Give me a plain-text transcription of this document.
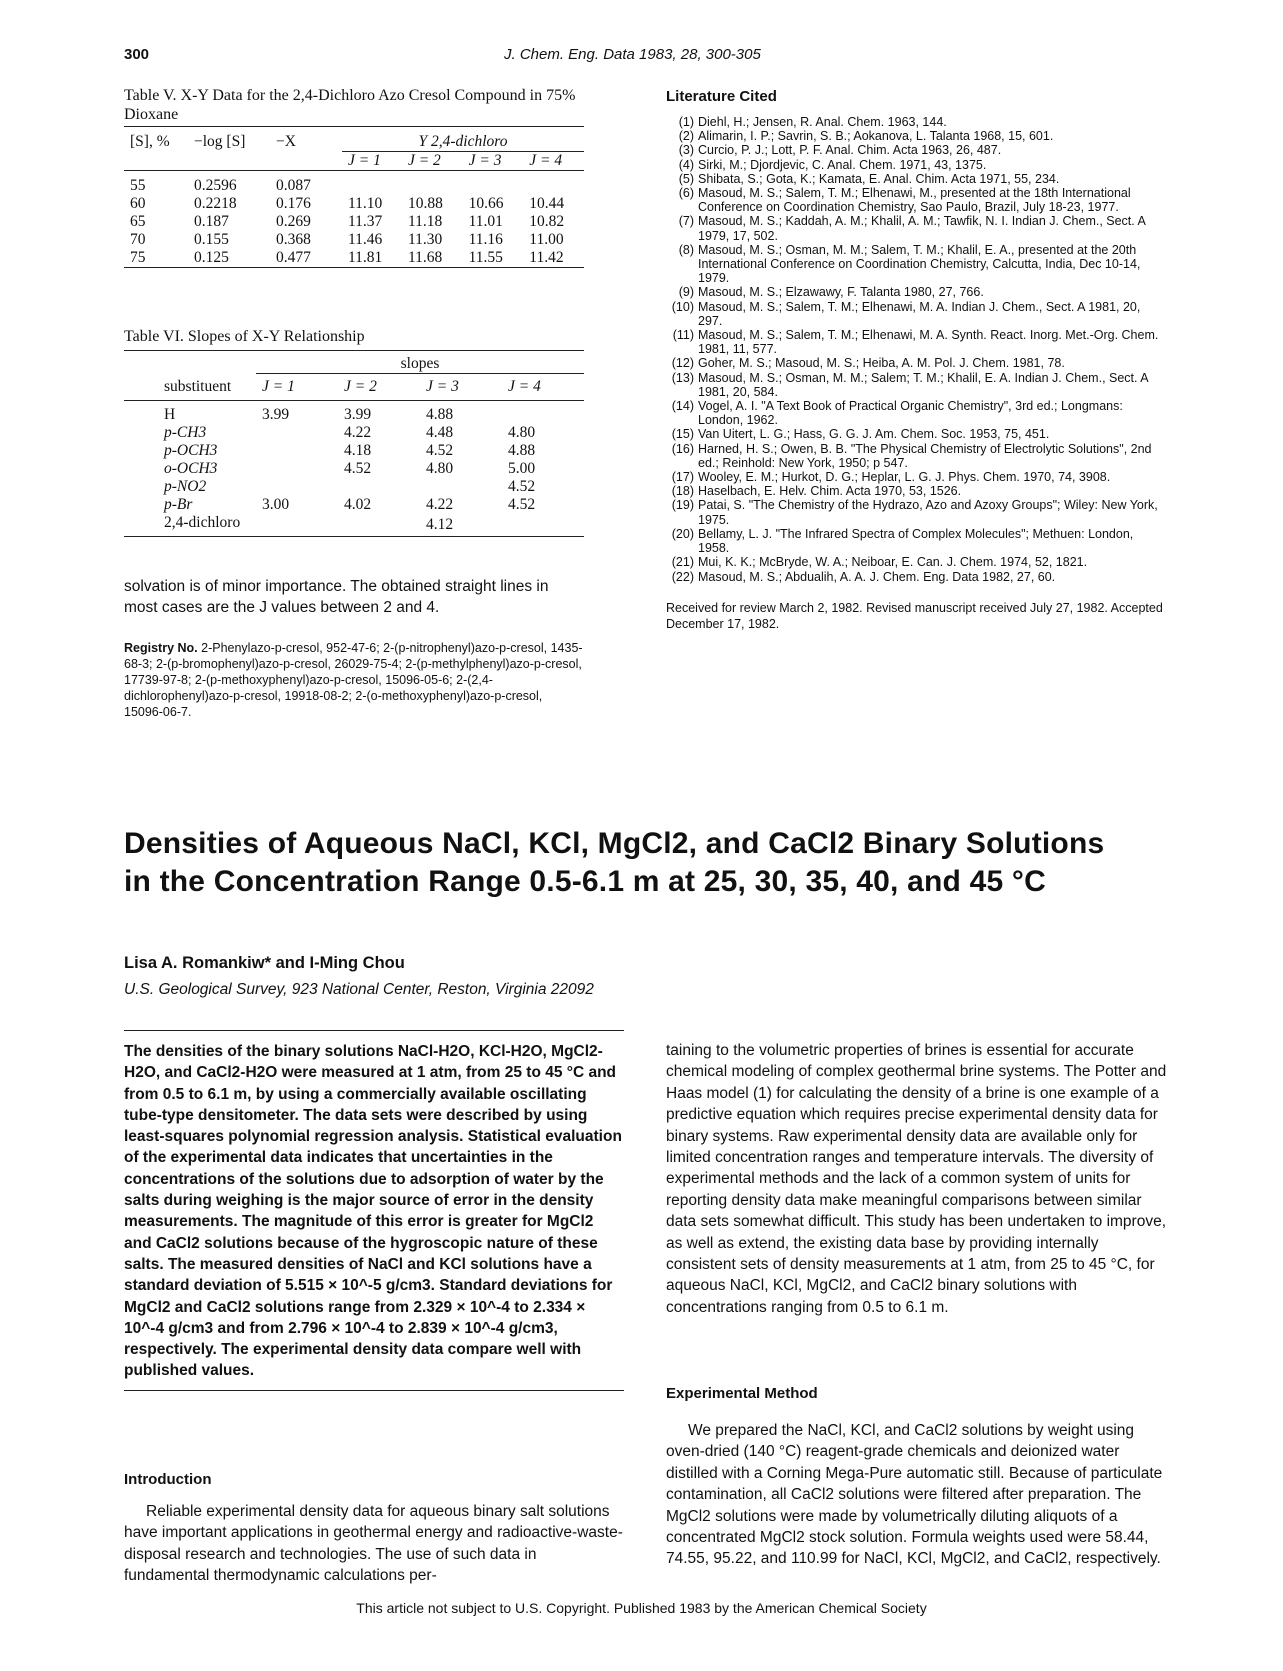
300	J. Chem. Eng. Data 1983, 28, 300-305
Table V. X-Y Data for the 2,4-Dichloro Azo Cresol Compound in 75% Dioxane
[S], %	−log [S]	−X	Y 2,4-dichloro			
			J = 1	J = 2	J = 3	J = 4

55	0.2596	0.087				
60	0.2218	0.176	11.10	10.88	10.66	10.44
65	0.187	0.269	11.37	11.18	11.01	10.82
70	0.155	0.368	11.46	11.30	11.16	11.00
75	0.125	0.477	11.81	11.68	11.55	11.42
Table VI. Slopes of X-Y Relationship
	slopes			
substituent	J = 1	J = 2	J = 3	J = 4

H	3.99	3.99	4.88	
p-CH3		4.22	4.48	4.80
p-OCH3		4.18	4.52	4.88
o-OCH3		4.52	4.80	5.00
p-NO2				4.52
p-Br	3.00	4.02	4.22	4.52
2,4-dichloro			4.12	
solvation is of minor importance. The obtained straight lines in most cases are the J values between 2 and 4.
Registry No. 2-Phenylazo-p-cresol, 952-47-6; 2-(p-nitrophenyl)azo-p-cresol, 1435-68-3; 2-(p-bromophenyl)azo-p-cresol, 26029-75-4; 2-(p-methylphenyl)azo-p-cresol, 17739-97-8; 2-(p-methoxyphenyl)azo-p-cresol, 15096-05-6; 2-(2,4-dichlorophenyl)azo-p-cresol, 19918-08-2; 2-(o-methoxyphenyl)azo-p-cresol, 15096-06-7.
Literature Cited
(1) Diehl, H.; Jensen, R. Anal. Chem. 1963, 144.
(2) Alimarin, I. P.; Savrin, S. B.; Aokanova, L. Talanta 1968, 15, 601.
(3) Curcio, P. J.; Lott, P. F. Anal. Chim. Acta 1963, 26, 487.
(4) Sirki, M.; Djordjevic, C. Anal. Chem. 1971, 43, 1375.
(5) Shibata, S.; Gota, K.; Kamata, E. Anal. Chim. Acta 1971, 55, 234.
(6) Masoud, M. S.; Salem, T. M.; Elhenawi, M., presented at the 18th International Conference on Coordination Chemistry, Sao Paulo, Brazil, July 18-23, 1977.
(7) Masoud, M. S.; Kaddah, A. M.; Khalil, A. M.; Tawfik, N. I. Indian J. Chem., Sect. A 1979, 17, 502.
(8) Masoud, M. S.; Osman, M. M.; Salem, T. M.; Khalil, E. A., presented at the 20th International Conference on Coordination Chemistry, Calcutta, India, Dec 10-14, 1979.
(9) Masoud, M. S.; Elzawawy, F. Talanta 1980, 27, 766.
(10) Masoud, M. S.; Salem, T. M.; Elhenawi, M. A. Indian J. Chem., Sect. A 1981, 20, 297.
(11) Masoud, M. S.; Salem, T. M.; Elhenawi, M. A. Synth. React. Inorg. Met.-Org. Chem. 1981, 11, 577.
(12) Goher, M. S.; Masoud, M. S.; Heiba, A. M. Pol. J. Chem. 1981, 78.
(13) Masoud, M. S.; Osman, M. M.; Salem; T. M.; Khalil, E. A. Indian J. Chem., Sect. A 1981, 20, 584.
(14) Vogel, A. I. "A Text Book of Practical Organic Chemistry", 3rd ed.; Longmans: London, 1962.
(15) Van Uitert, L. G.; Hass, G. G. J. Am. Chem. Soc. 1953, 75, 451.
(16) Harned, H. S.; Owen, B. B. "The Physical Chemistry of Electrolytic Solutions", 2nd ed.; Reinhold: New York, 1950; p 547.
(17) Wooley, E. M.; Hurkot, D. G.; Heplar, L. G. J. Phys. Chem. 1970, 74, 3908.
(18) Haselbach, E. Helv. Chim. Acta 1970, 53, 1526.
(19) Patai, S. "The Chemistry of the Hydrazo, Azo and Azoxy Groups"; Wiley: New York, 1975.
(20) Bellamy, L. J. "The Infrared Spectra of Complex Molecules"; Methuen: London, 1958.
(21) Mui, K. K.; McBryde, W. A.; Neiboar, E. Can. J. Chem. 1974, 52, 1821.
(22) Masoud, M. S.; Abdualih, A. A. J. Chem. Eng. Data 1982, 27, 60.
Received for review March 2, 1982. Revised manuscript received July 27, 1982. Accepted December 17, 1982.
Densities of Aqueous NaCl, KCl, MgCl2, and CaCl2 Binary Solutions
in the Concentration Range 0.5-6.1 m at 25, 30, 35, 40, and 45 °C
Lisa A. Romankiw* and I-Ming Chou
U.S. Geological Survey, 923 National Center, Reston, Virginia 22092
The densities of the binary solutions NaCl-H2O, KCl-H2O, MgCl2-H2O, and CaCl2-H2O were measured at 1 atm, from 25 to 45 °C and from 0.5 to 6.1 m, by using a commercially available oscillating tube-type densitometer. The data sets were described by using least-squares polynomial regression analysis. Statistical evaluation of the experimental data indicates that uncertainties in the concentrations of the solutions due to adsorption of water by the salts during weighing is the major source of error in the density measurements. The magnitude of this error is greater for MgCl2 and CaCl2 solutions because of the hygroscopic nature of these salts. The measured densities of NaCl and KCl solutions have a standard deviation of 5.515 × 10^-5 g/cm3. Standard deviations for MgCl2 and CaCl2 solutions range from 2.329 × 10^-4 to 2.334 × 10^-4 g/cm3 and from 2.796 × 10^-4 to 2.839 × 10^-4 g/cm3, respectively. The experimental density data compare well with published values.
Introduction
Reliable experimental density data for aqueous binary salt solutions have important applications in geothermal energy and radioactive-waste-disposal research and technologies. The use of such data in fundamental thermodynamic calculations per-
taining to the volumetric properties of brines is essential for accurate chemical modeling of complex geothermal brine systems. The Potter and Haas model (1) for calculating the density of a brine is one example of a predictive equation which requires precise experimental density data for binary systems. Raw experimental density data are available only for limited concentration ranges and temperature intervals. The diversity of experimental methods and the lack of a common system of units for reporting density data make meaningful comparisons between similar data sets somewhat difficult. This study has been undertaken to improve, as well as extend, the existing data base by providing internally consistent sets of density measurements at 1 atm, from 25 to 45 °C, for aqueous NaCl, KCl, MgCl2, and CaCl2 binary solutions with concentrations ranging from 0.5 to 6.1 m.
Experimental Method
We prepared the NaCl, KCl, and CaCl2 solutions by weight using oven-dried (140 °C) reagent-grade chemicals and deionized water distilled with a Corning Mega-Pure automatic still. Because of particulate contamination, all CaCl2 solutions were filtered after preparation. The MgCl2 solutions were made by volumetrically diluting aliquots of a concentrated MgCl2 stock solution. Formula weights used were 58.44, 74.55, 95.22, and 110.99 for NaCl, KCl, MgCl2, and CaCl2, respectively.
This article not subject to U.S. Copyright. Published 1983 by the American Chemical Society
